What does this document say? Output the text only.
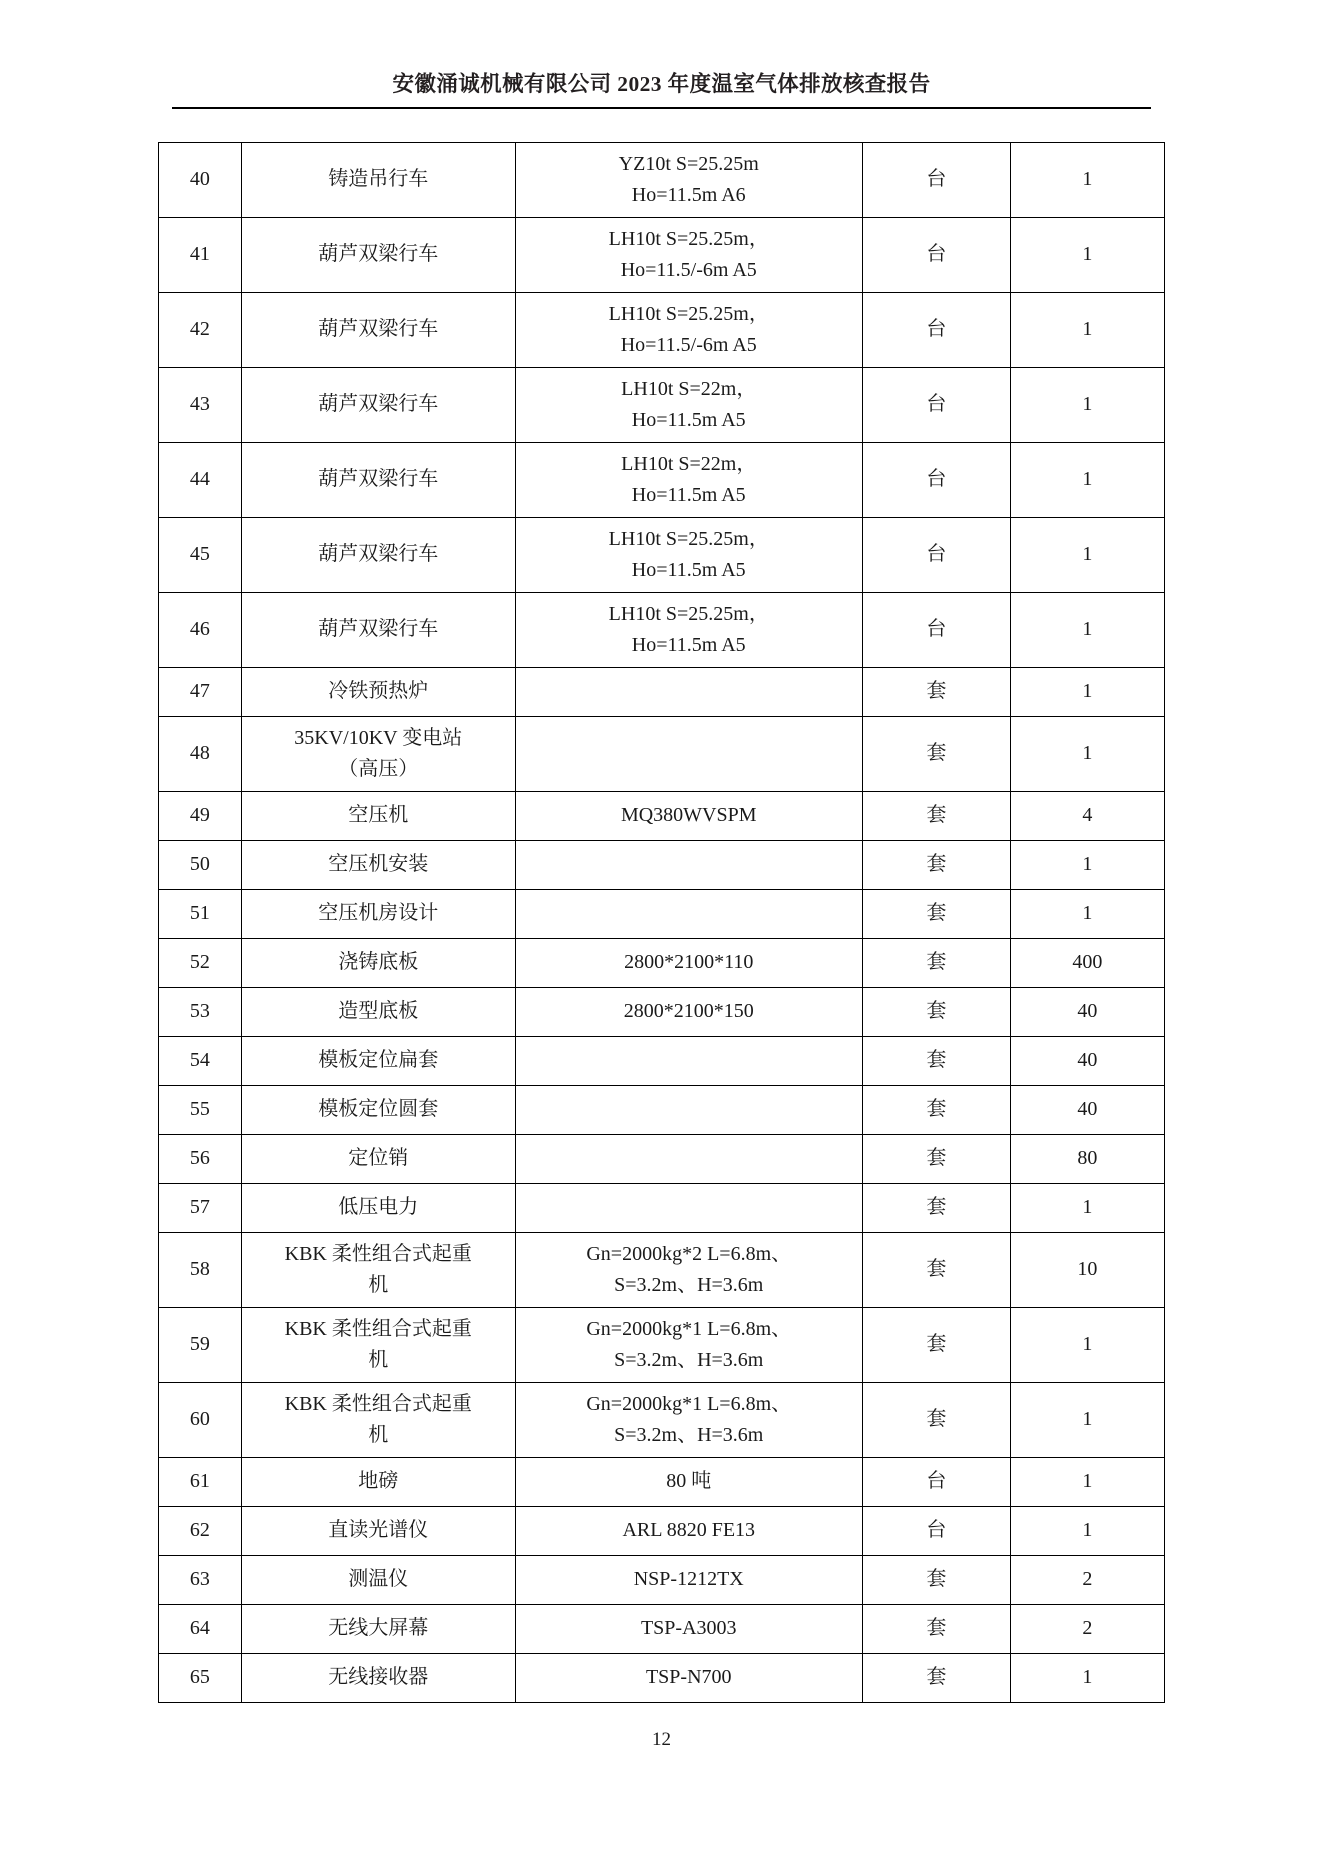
安徽涌诚机械有限公司 2023 年度温室气体排放核查报告
40	铸造吊行车	YZ10t S=25.25m
Ho=11.5m A6	台	1

41	葫芦双梁行车	LH10t S=25.25m，
Ho=11.5/-6m A5	台	1

42	葫芦双梁行车	LH10t S=25.25m，
Ho=11.5/-6m A5	台	1

43	葫芦双梁行车	LH10t S=22m，
Ho=11.5m A5	台	1

44	葫芦双梁行车	LH10t S=22m，
Ho=11.5m A5	台	1

45	葫芦双梁行车	LH10t S=25.25m，
Ho=11.5m A5	台	1

46	葫芦双梁行车	LH10t S=25.25m，
Ho=11.5m A5	台	1

47	冷铁预热炉		套	1

48	35KV/10KV 变电站
（高压）		套	1

49	空压机	MQ380WVSPM	套	4

50	空压机安装		套	1

51	空压机房设计		套	1

52	浇铸底板	2800*2100*110	套	400

53	造型底板	2800*2100*150	套	40

54	模板定位扁套		套	40

55	模板定位圆套		套	40

56	定位销		套	80

57	低压电力		套	1

58	KBK 柔性组合式起重
机	Gn=2000kg*2 L=6.8m、
S=3.2m、H=3.6m	套	10

59	KBK 柔性组合式起重
机	Gn=2000kg*1 L=6.8m、
S=3.2m、H=3.6m	套	1

60	KBK 柔性组合式起重
机	Gn=2000kg*1 L=6.8m、
S=3.2m、H=3.6m	套	1

61	地磅	80 吨	台	1

62	直读光谱仪	ARL 8820 FE13	台	1

63	测温仪	NSP-1212TX	套	2

64	无线大屏幕	TSP-A3003	套	2

65	无线接收器	TSP-N700	套	1
12
